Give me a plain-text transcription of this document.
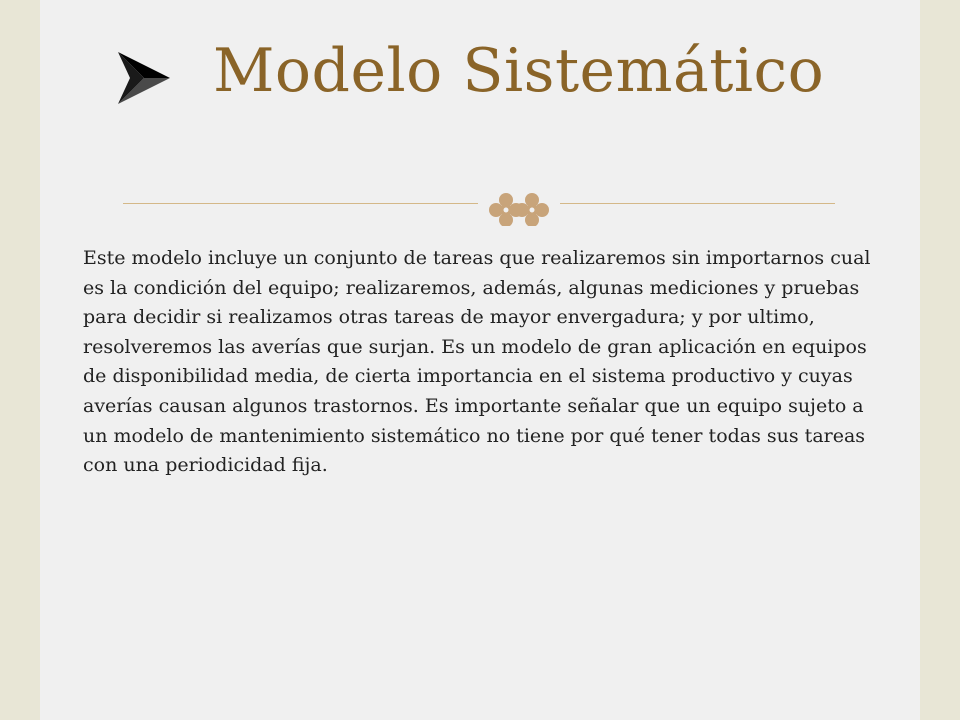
Modelo Sistemático

Este modelo incluye un conjunto de tareas que realizaremos sin importarnos cual es la condición del equipo; realizaremos, además, algunas mediciones y pruebas para decidir si realizamos otras tareas de mayor envergadura; y por ultimo, resolveremos las averías que surjan. Es un modelo de gran aplicación en equipos de disponibilidad media, de cierta importancia en el sistema productivo y cuyas averías causan algunos trastornos. Es importante señalar que un equipo sujeto a un modelo de mantenimiento sistemático no tiene por qué tener todas sus tareas con una periodicidad fija.
